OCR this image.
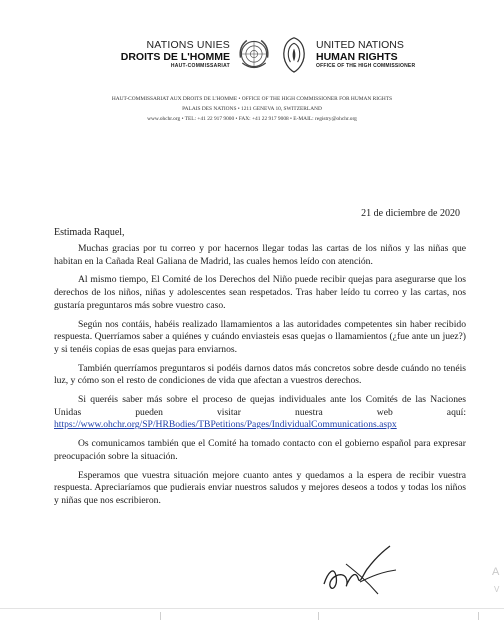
NATIONS UNIES
DROITS DE L'HOMME
HAUT-COMMISSARIAT
UNITED NATIONS
HUMAN RIGHTS
OFFICE OF THE HIGH COMMISSIONER
HAUT-COMMISSARIAT AUX DROITS DE L'HOMME • OFFICE OF THE HIGH COMMISSIONER FOR HUMAN RIGHTS
PALAIS DES NATIONS • 1211 GENEVA 10, SWITZERLAND
www.ohchr.org • TEL: +41 22 917 9000 • FAX: +41 22 917 9008 • E-MAIL: registry@ohchr.org
21 de diciembre de 2020
Estimada Raquel,

Muchas gracias por tu correo y por hacernos llegar todas las cartas de los niños y las niñas que habitan en la Cañada Real Galiana de Madrid, las cuales hemos leído con atención.

Al mismo tiempo, El Comité de los Derechos del Niño puede recibir quejas para asegurarse que los derechos de los niños, niñas y adolescentes sean respetados. Tras haber leído tu correo y las cartas, nos gustaría preguntaros más sobre vuestro caso.

Según nos contáis, habéis realizado llamamientos a las autoridades competentes sin haber recibido respuesta. Querríamos saber a quiénes y cuándo enviasteis esas quejas o llamamientos (¿fue ante un juez?) y si tenéis copias de esas quejas para enviarnos.

También querríamos preguntaros si podéis darnos datos más concretos sobre desde cuándo no tenéis luz, y cómo son el resto de condiciones de vida que afectan a vuestros derechos.

Si queréis saber más sobre el proceso de quejas individuales ante los Comités de las Naciones Unidas pueden visitar nuestra web aquí: https://www.ohchr.org/SP/HRBodies/TBPetitions/Pages/IndividualCommunications.aspx

Os comunicamos también que el Comité ha tomado contacto con el gobierno español para expresar preocupación sobre la situación.

Esperamos que vuestra situación mejore cuanto antes y quedamos a la espera de recibir vuestra respuesta. Apreciaríamos que pudierais enviar nuestros saludos y mejores deseos a todos y todas los niños y niñas que nos escribieron.

A
V
